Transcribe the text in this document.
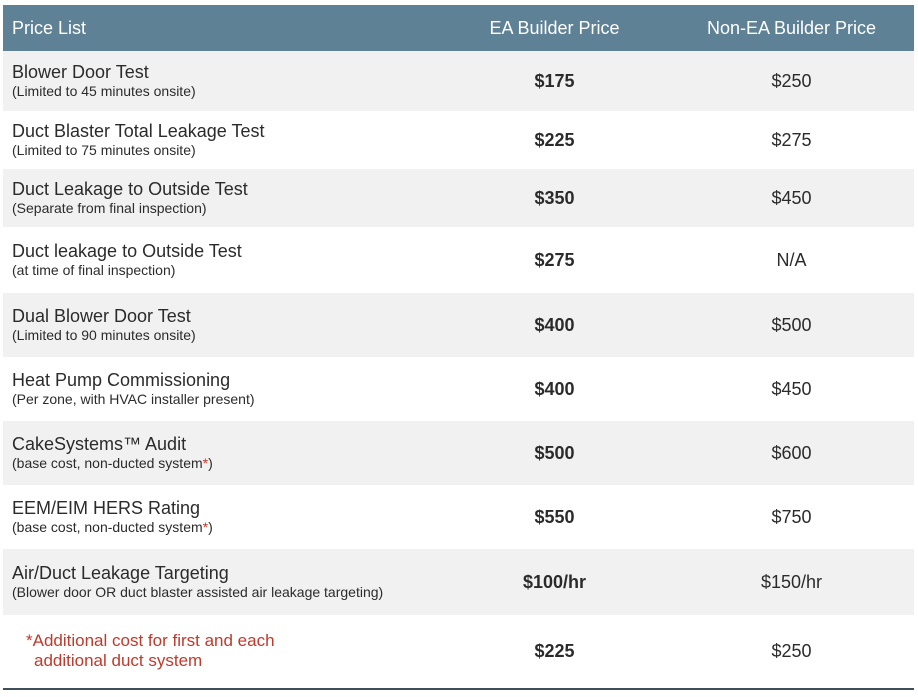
Price List	EA Builder Price	Non-EA Builder Price
Blower Door Test
(Limited to 45 minutes onsite)
$175	$250
Duct Blaster Total Leakage Test
(Limited to 75 minutes onsite)
$225	$275
Duct Leakage to Outside Test
(Separate from final inspection)
$350	$450
Duct leakage to Outside Test
(at time of final inspection)
$275	N/A
Dual Blower Door Test
(Limited to 90 minutes onsite)
$400	$500
Heat Pump Commissioning
(Per zone, with HVAC installer present)
$400	$450
CakeSystems™ Audit
(base cost, non-ducted system*)
$500	$600
EEM/EIM HERS Rating
(base cost, non-ducted system*)
$550	$750
Air/Duct Leakage Targeting
(Blower door OR duct blaster assisted air leakage targeting)
$100/hr	$150/hr
*Additional cost for first and each
additional duct system	$225	$250
